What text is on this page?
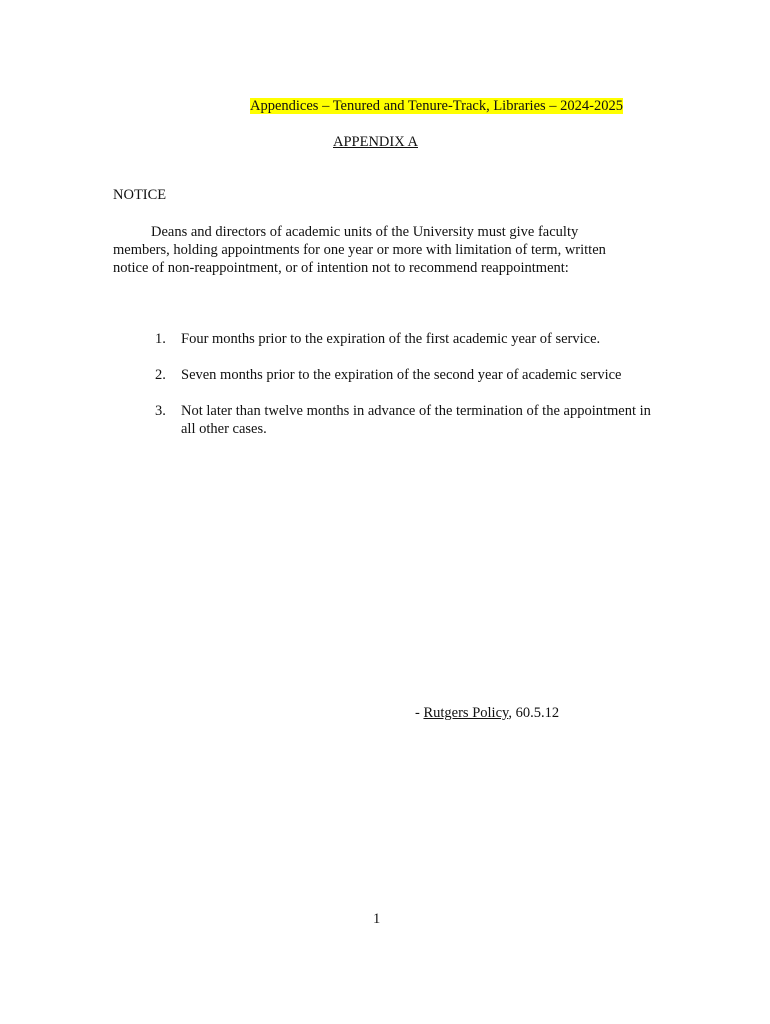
Appendices – Tenured and Tenure-Track, Libraries – 2024-2025
APPENDIX A
NOTICE
Deans and directors of academic units of the University must give faculty members, holding appointments for one year or more with limitation of term, written notice of non-reappointment, or of intention not to recommend reappointment:
1.	Four months prior to the expiration of the first academic year of service.
2.	Seven months prior to the expiration of the second year of academic service
3.	Not later than twelve months in advance of the termination of the appointment in all other cases.
- Rutgers Policy, 60.5.12
1
